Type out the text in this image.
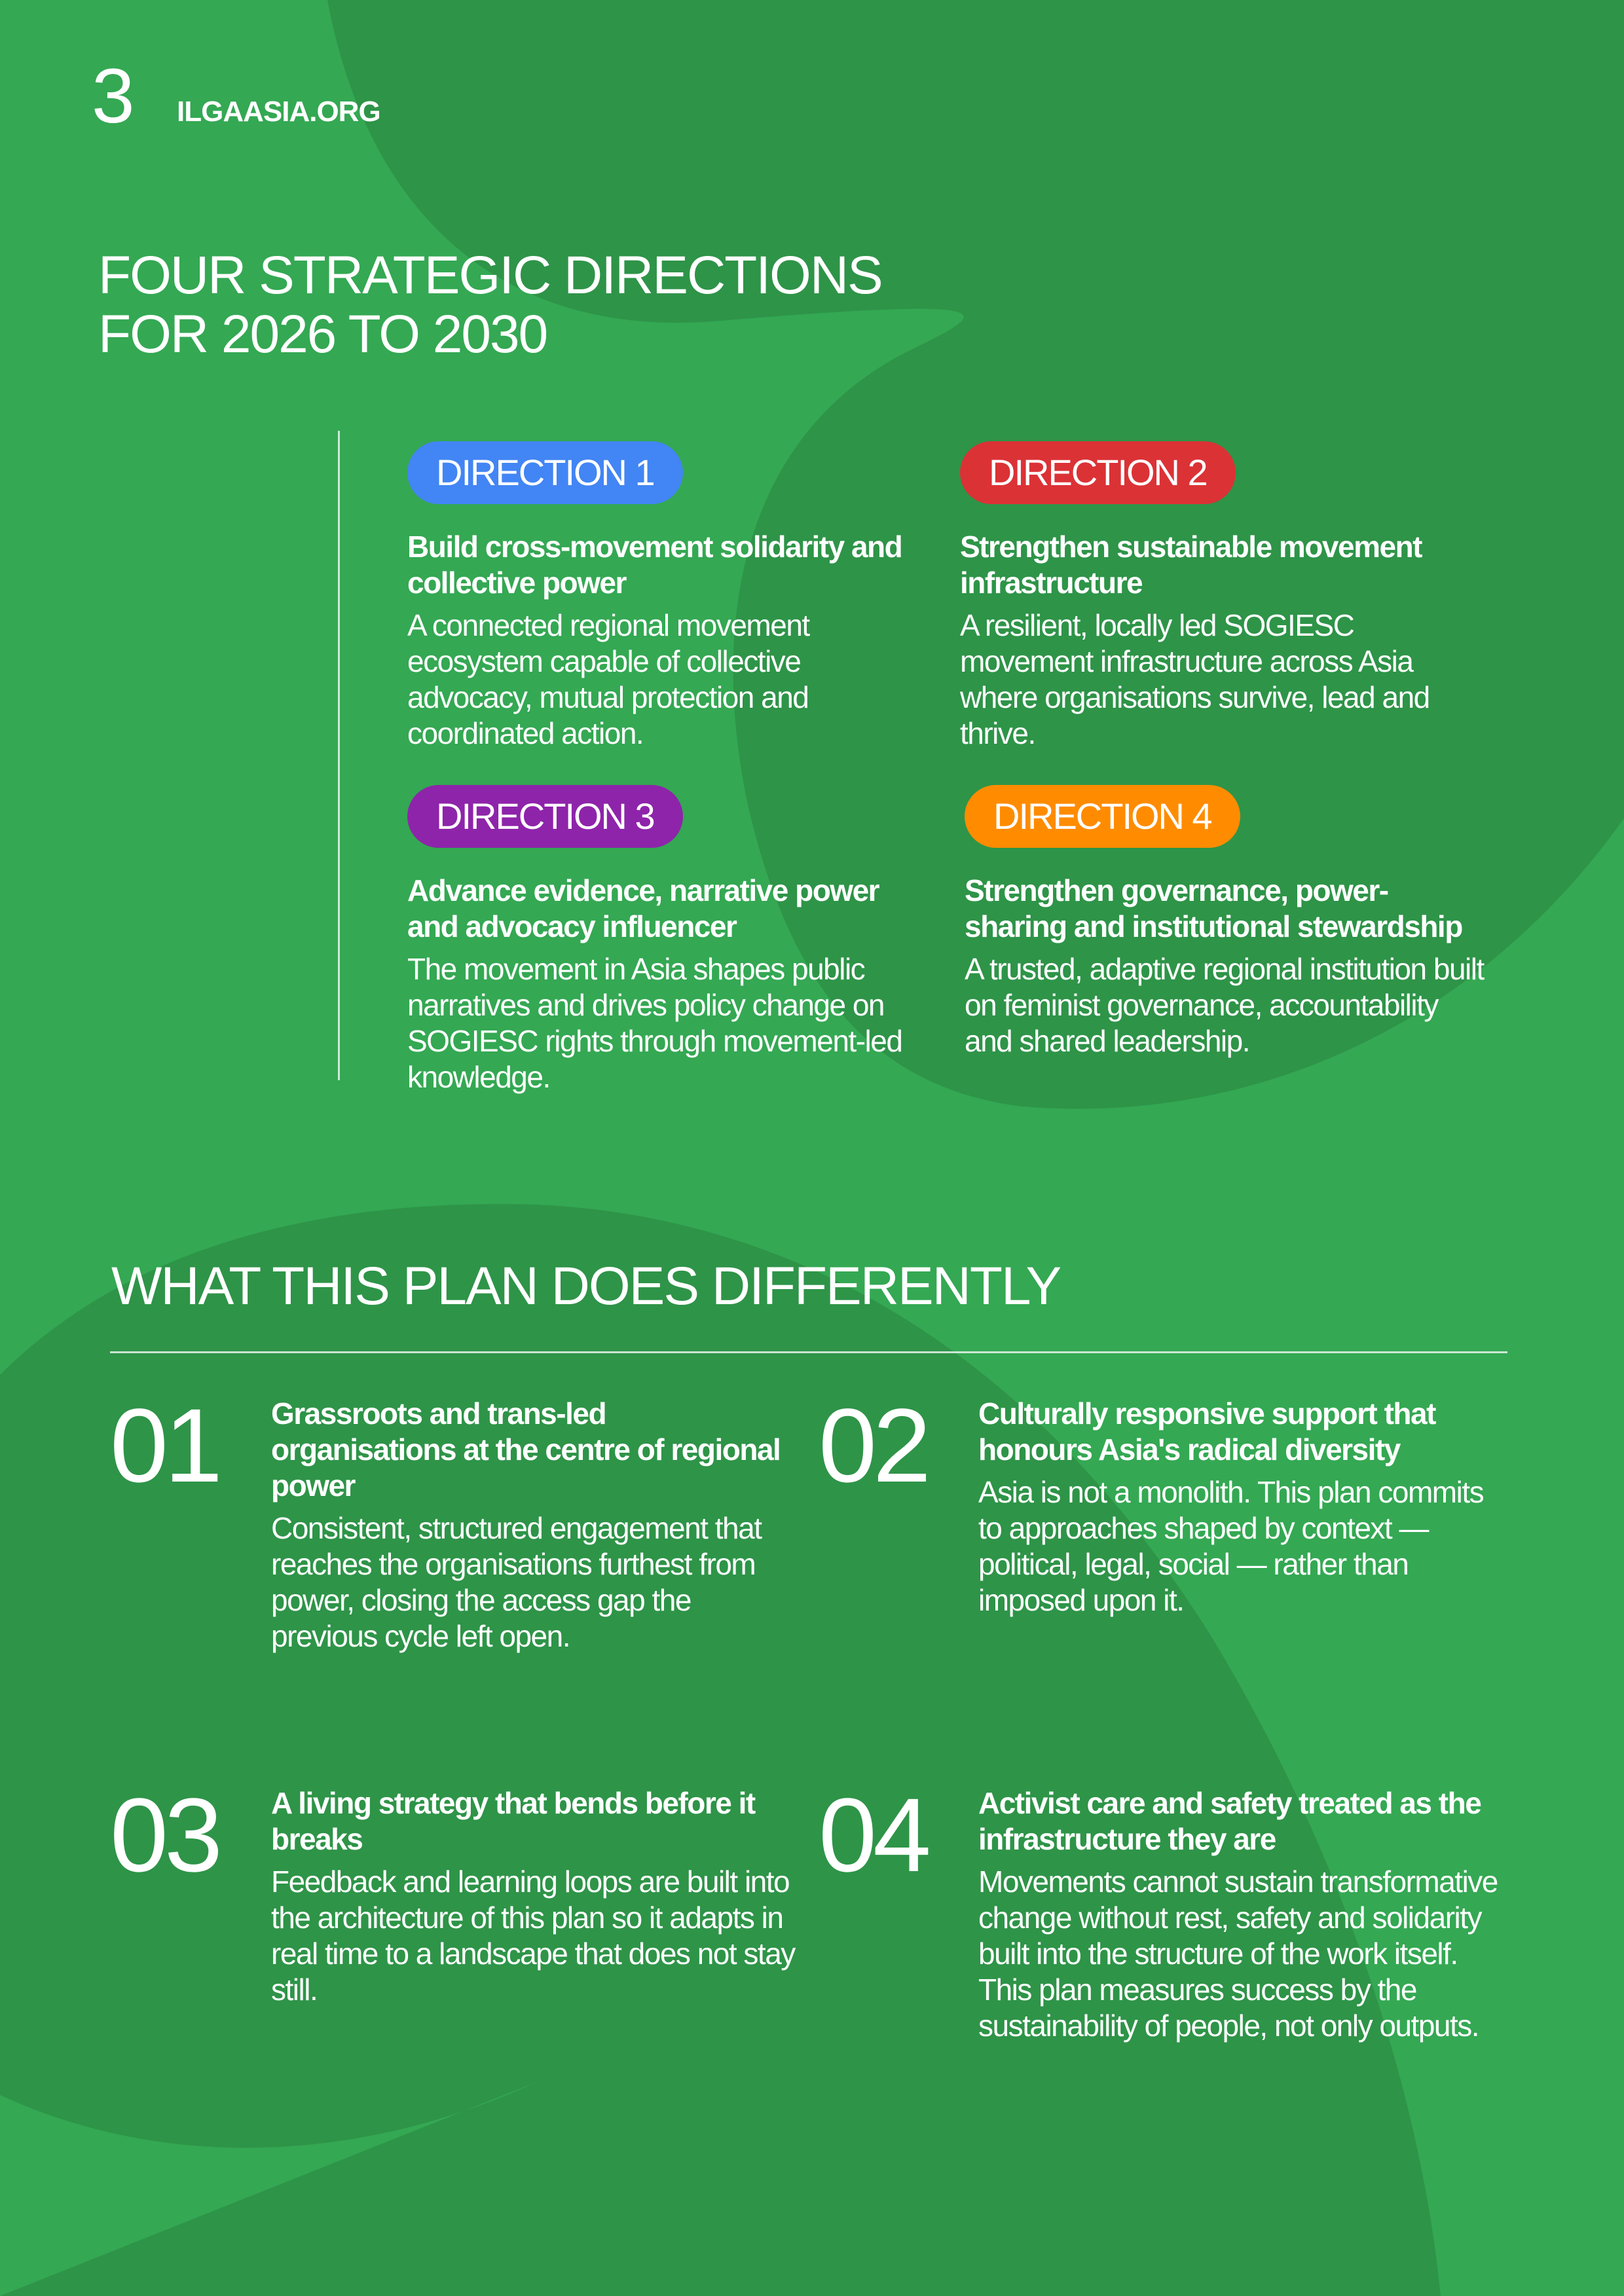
3 ILGAASIA.ORG
FOUR STRATEGIC DIRECTIONS
FOR 2026 TO 2030
DIRECTION 1
Build cross-movement solidarity and collective power
A connected regional movement ecosystem capable of collective advocacy, mutual protection and coordinated action.
DIRECTION 2
Strengthen sustainable movement infrastructure
A resilient, locally led SOGIESC movement infrastructure across Asia where organisations survive, lead and thrive.
DIRECTION 3
Advance evidence, narrative power and advocacy influencer
The movement in Asia shapes public narratives and drives policy change on SOGIESC rights through movement-led knowledge.
DIRECTION 4
Strengthen governance, power-sharing and institutional stewardship
A trusted, adaptive regional institution built on feminist governance, accountability and shared leadership.
WHAT THIS PLAN DOES DIFFERENTLY
01 Grassroots and trans-led organisations at the centre of regional power
Consistent, structured engagement that reaches the organisations furthest from power, closing the access gap the previous cycle left open.
02 Culturally responsive support that honours Asia's radical diversity
Asia is not a monolith. This plan commits to approaches shaped by context — political, legal, social — rather than imposed upon it.
03 A living strategy that bends before it breaks
Feedback and learning loops are built into the architecture of this plan so it adapts in real time to a landscape that does not stay still.
04 Activist care and safety treated as the infrastructure they are
Movements cannot sustain transformative change without rest, safety and solidarity built into the structure of the work itself. This plan measures success by the sustainability of people, not only outputs.
